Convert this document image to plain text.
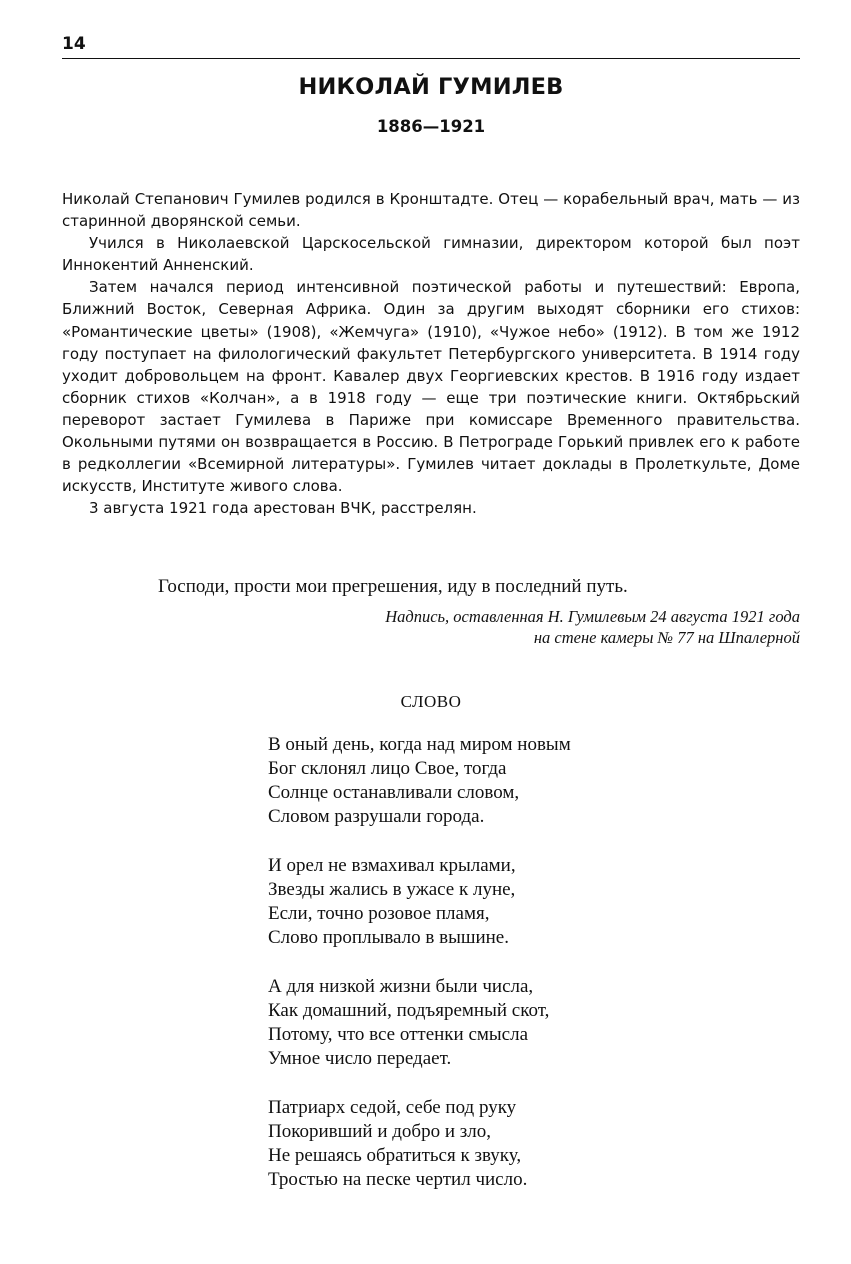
14
НИКОЛАЙ ГУМИЛЕВ
1886—1921

Николай Степанович Гумилев родился в Кронштадте. Отец — корабельный врач, мать — из старинной дворянской семьи.

Учился в Николаевской Царскосельской гимназии, директором которой был поэт Иннокентий Анненский.

Затем начался период интенсивной поэтической работы и путешествий: Европа, Ближний Восток, Северная Африка. Один за другим выходят сборники его стихов: «Романтические цветы» (1908), «Жемчуга» (1910), «Чужое небо» (1912). В том же 1912 году поступает на филологический факультет Петербургского университета. В 1914 году уходит добровольцем на фронт. Кавалер двух Георгиевских крестов. В 1916 году издает сборник стихов «Колчан», а в 1918 году — еще три поэтические книги. Октябрьский переворот застает Гумилева в Париже при комиссаре Временного правительства. Окольными путями он возвращается в Россию. В Петрограде Горький привлек его к работе в редколлегии «Всемирной литературы». Гумилев читает доклады в Пролеткульте, Доме искусств, Институте живого слова.

3 августа 1921 года арестован ВЧК, расстрелян.

Господи, прости мои прегрешения, иду в последний путь.
Надпись, оставленная Н. Гумилевым 24 августа 1921 года
на стене камеры № 77 на Шпалерной
СЛОВО
В оный день, когда над миром новым
Бог склонял лицо Свое, тогда
Солнце останавливали словом,
Словом разрушали города.
И орел не взмахивал крылами,
Звезды жались в ужасе к луне,
Если, точно розовое пламя,
Слово проплывало в вышине.
А для низкой жизни были числа,
Как домашний, подъяремный скот,
Потому, что все оттенки смысла
Умное число передает.
Патриарх седой, себе под руку
Покоривший и добро и зло,
Не решаясь обратиться к звуку,
Тростью на песке чертил число.
